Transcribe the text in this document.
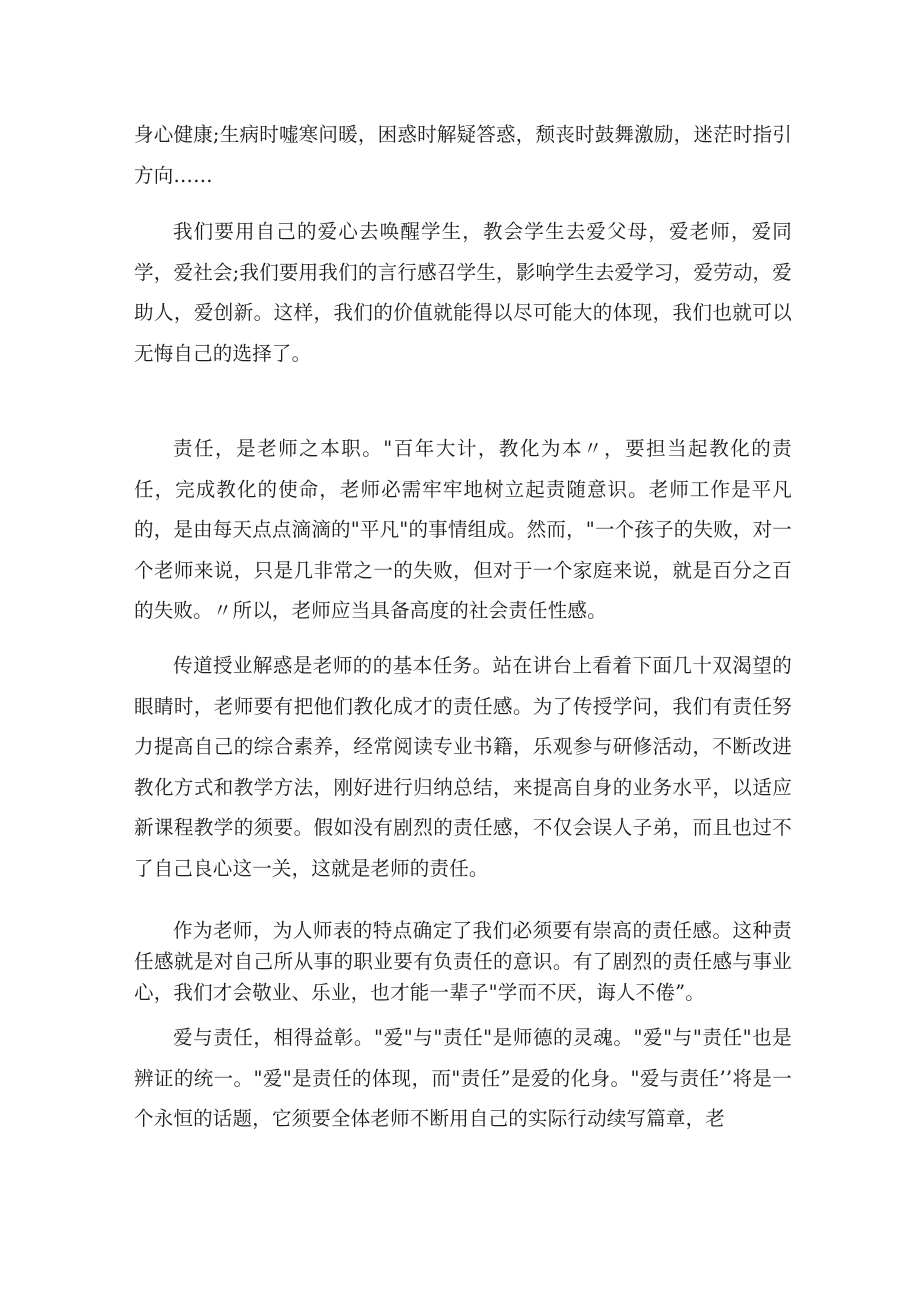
身心健康;生病时嘘寒问暖，困惑时解疑答惑，颓丧时鼓舞激励，迷茫时指引方向……

我们要用自己的爱心去唤醒学生，教会学生去爱父母，爱老师，爱同学，爱社会;我们要用我们的言行感召学生，影响学生去爱学习，爱劳动，爱助人，爱创新。这样，我们的价值就能得以尽可能大的体现，我们也就可以无悔自己的选择了。

责任，是老师之本职。"百年大计，教化为本〃，要担当起教化的责任，完成教化的使命，老师必需牢牢地树立起责随意识。老师工作是平凡的，是由每天点点滴滴的"平凡"的事情组成。然而，"一个孩子的失败，对一个老师来说，只是几非常之一的失败，但对于一个家庭来说，就是百分之百的失败。〃所以，老师应当具备高度的社会责任性感。

传道授业解惑是老师的的基本任务。站在讲台上看着下面几十双渴望的眼睛时，老师要有把他们教化成才的责任感。为了传授学问，我们有责任努力提高自己的综合素养，经常阅读专业书籍，乐观参与研修活动，不断改进教化方式和教学方法，刚好进行归纳总结，来提高自身的业务水平，以适应新课程教学的须要。假如没有剧烈的责任感，不仅会误人子弟，而且也过不了自己良心这一关，这就是老师的责任。

作为老师，为人师表的特点确定了我们必须要有崇高的责任感。这种责任感就是对自己所从事的职业要有负责任的意识。有了剧烈的责任感与事业心，我们才会敬业、乐业，也才能一辈子"学而不厌，诲人不倦”。

爱与责任，相得益彰。"爱"与"责任"是师德的灵魂。"爱"与"责任"也是辨证的统一。"爱"是责任的体现，而"责任”是爱的化身。"爱与责任’’将是一个永恒的话题，它须要全体老师不断用自己的实际行动续写篇章，老
